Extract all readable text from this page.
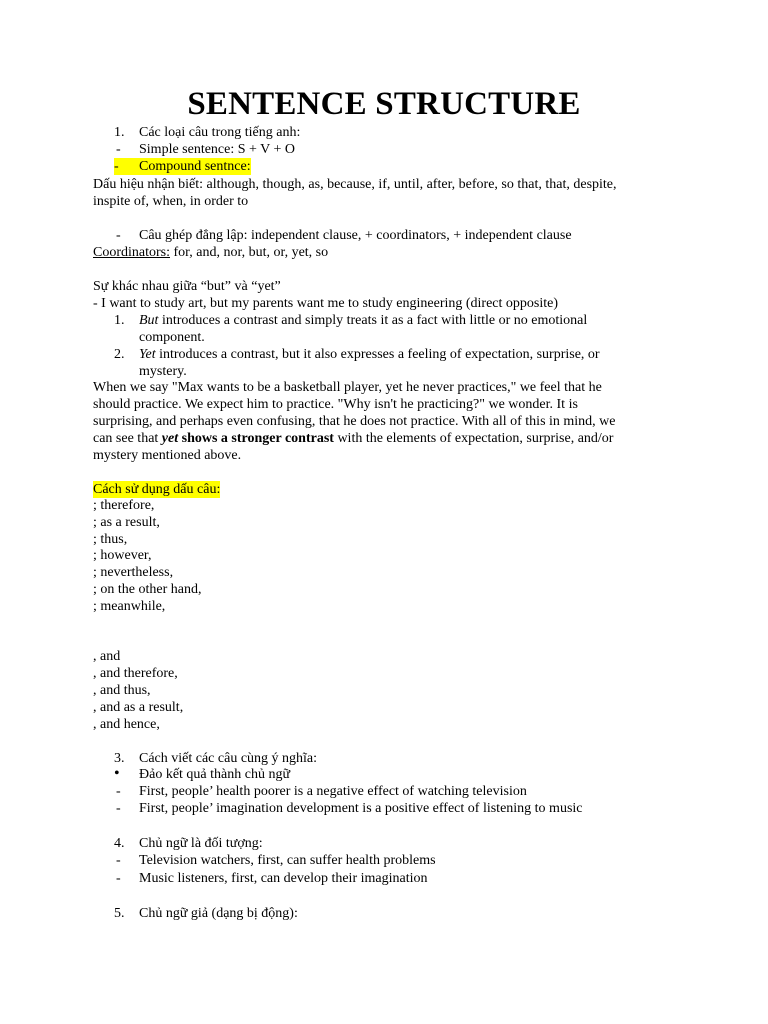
SENTENCE STRUCTURE
1. Các loại câu trong tiếng anh:
- Simple sentence: S + V + O
-	Compound sentnce:
Dấu hiệu nhận biết: although, though, as, because, if, until, after, before, so that, that, despite,
inspite of, when, in order to
- Câu ghép đẳng lập: independent clause, + coordinators, + independent clause
Coordinators: for, and, nor, but, or, yet, so
Sự khác nhau giữa “but” và “yet”
- I want to study art, but my parents want me to study engineering (direct opposite)
1. But introduces a contrast and simply treats it as a fact with little or no emotional
component.
2. Yet introduces a contrast, but it also expresses a feeling of expectation, surprise, or
mystery.
When we say "Max wants to be a basketball player, yet he never practices," we feel that he
should practice. We expect him to practice. "Why isn't he practicing?" we wonder. It is
surprising, and perhaps even confusing, that he does not practice. With all of this in mind, we
can see that yet shows a stronger contrast with the elements of expectation, surprise, and/or
mystery mentioned above.
Cách sử dụng dấu câu:
; therefore,
; as a result,
; thus,
; however,
; nevertheless,
; on the other hand,
; meanwhile,
, and
, and therefore,
, and thus,
, and as a result,
, and hence,
3. Cách viết các câu cùng ý nghĩa:
• Đảo kết quả thành chủ ngữ
- First, people’ health poorer is a negative effect of watching television
- First, people’ imagination development is a positive effect of listening to music
4. Chủ ngữ là đối tượng:
- Television watchers, first, can suffer health problems
- Music listeners, first, can develop their imagination
5. Chủ ngữ giả (dạng bị động):
